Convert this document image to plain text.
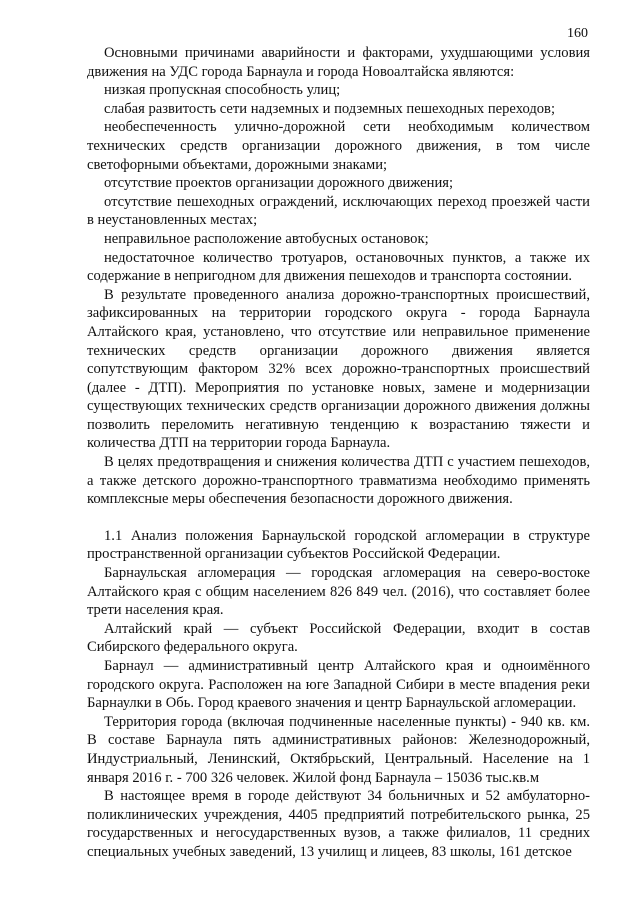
160

Основными причинами аварийности и факторами, ухудшающими условия движения на УДС города Барнаула и города Новоалтайска являются:

низкая пропускная способность улиц;

слабая развитость сети надземных и подземных пешеходных переходов;

необеспеченность улично-дорожной сети необходимым количеством технических средств организации дорожного движения, в том числе светофорными объектами, дорожными знаками;

отсутствие проектов организации дорожного движения;

отсутствие пешеходных ограждений, исключающих переход проезжей части в неустановленных местах;

неправильное расположение автобусных остановок;

недостаточное количество тротуаров, остановочных пунктов, а также их содержание в непригодном для движения пешеходов и транспорта состоянии.

В результате проведенного анализа дорожно-транспортных происшествий, зафиксированных на территории городского округа - города Барнаула Алтайского края, установлено, что отсутствие или неправильное применение технических средств организации дорожного движения является сопутствующим фактором 32% всех дорожно-транспортных происшествий (далее - ДТП). Мероприятия по установке новых, замене и модернизации существующих технических средств организации дорожного движения должны позволить переломить негативную тенденцию к возрастанию тяжести и количества ДТП на территории города Барнаула.

В целях предотвращения и снижения количества ДТП с участием пешеходов, а также детского дорожно-транспортного травматизма необходимо применять комплексные меры обеспечения безопасности дорожного движения.

1.1 Анализ положения Барнаульской городской агломерации в структуре пространственной организации субъектов Российской Федерации.

Барнаульская агломерация — городская агломерация на северо-востоке Алтайского края с общим населением 826 849 чел. (2016), что составляет более трети населения края.

Алтайский край — субъект Российской Федерации, входит в состав Сибирского федерального округа.

Барнаул — административный центр Алтайского края и одноимённого городского округа. Расположен на юге Западной Сибири в месте впадения реки Барнаулки в Обь. Город краевого значения и центр Барнаульской агломерации.

Территория города (включая подчиненные населенные пункты) - 940 кв. км. В составе Барнаула пять административных районов: Железнодорожный, Индустриальный, Ленинский, Октябрьский, Центральный. Население на 1 января 2016 г. - 700 326 человек. Жилой фонд Барнаула – 15036 тыс.кв.м

В настоящее время в городе действуют 34 больничных и 52 амбулаторно-поликлинических учреждения, 4405 предприятий потребительского рынка, 25 государственных и негосударственных вузов, а также филиалов, 11 средних специальных учебных заведений, 13 училищ и лицеев, 83 школы, 161 детское
